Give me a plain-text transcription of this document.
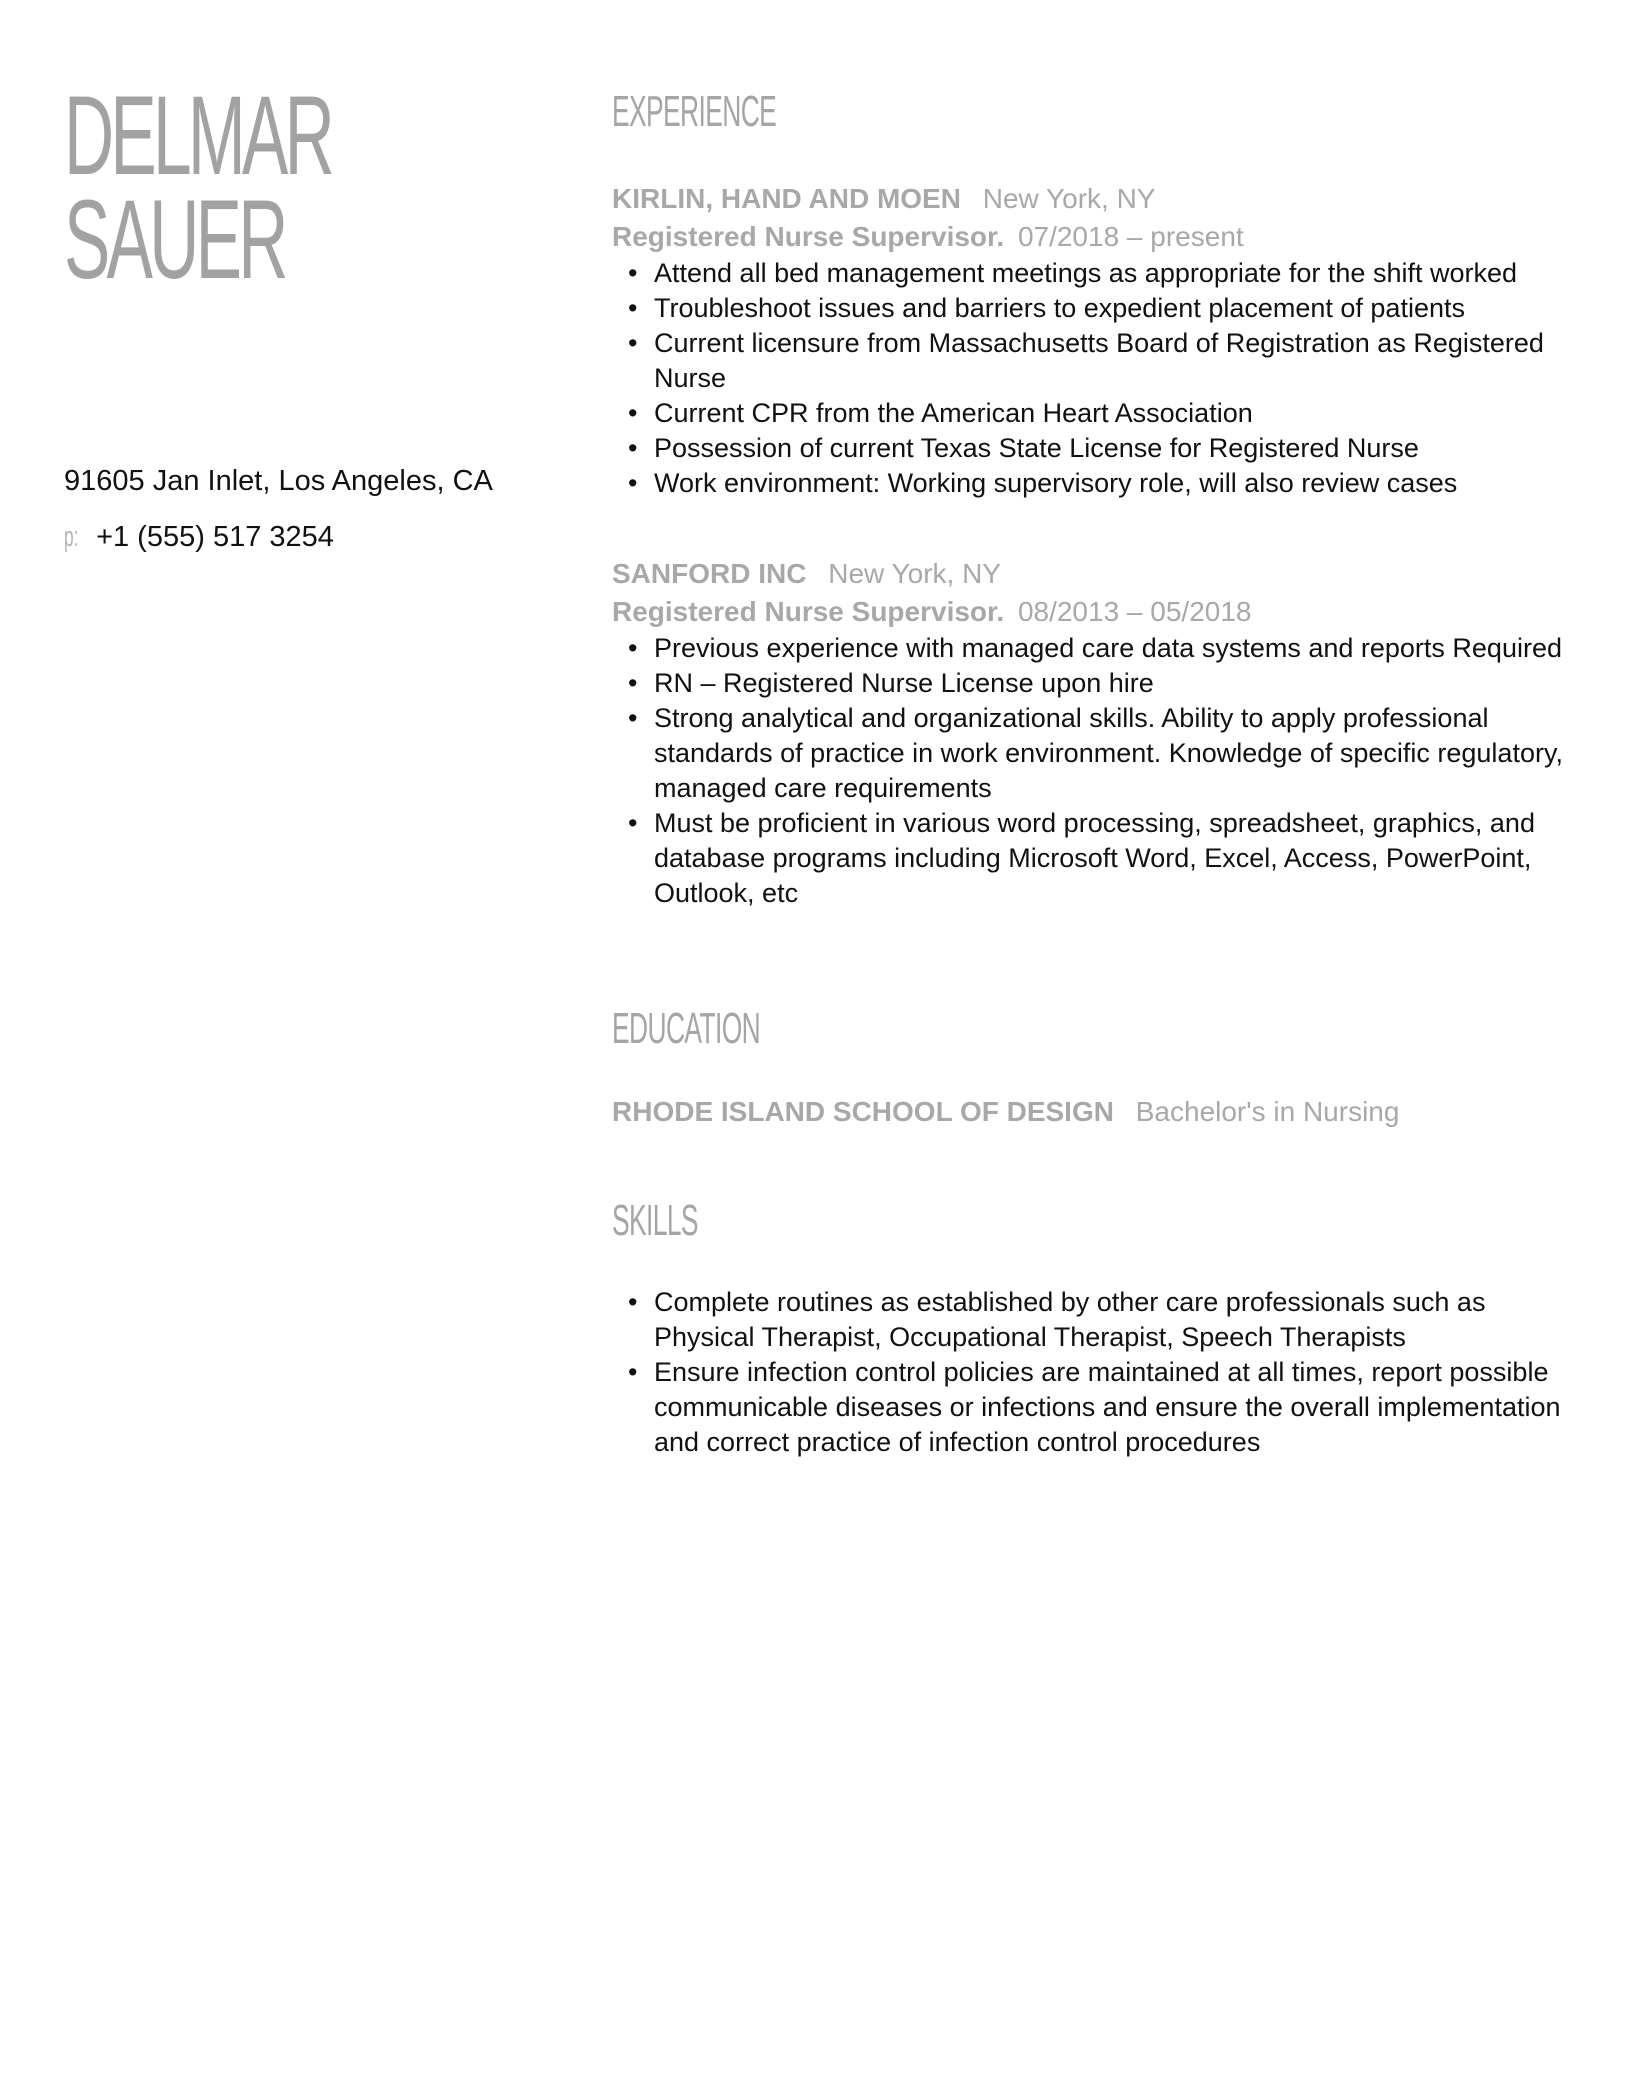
DELMAR
SAUER
91605 Jan Inlet, Los Angeles, CA
p: +1 (555) 517 3254
EXPERIENCE
KIRLIN, HAND AND MOEN New York, NY
Registered Nurse Supervisor. 07/2018 – present
• Attend all bed management meetings as appropriate for the shift worked
• Troubleshoot issues and barriers to expedient placement of patients
• Current licensure from Massachusetts Board of Registration as Registered Nurse
• Current CPR from the American Heart Association
• Possession of current Texas State License for Registered Nurse
• Work environment: Working supervisory role, will also review cases
SANFORD INC New York, NY
Registered Nurse Supervisor. 08/2013 – 05/2018
• Previous experience with managed care data systems and reports Required
• RN – Registered Nurse License upon hire
• Strong analytical and organizational skills. Ability to apply professional standards of practice in work environment. Knowledge of specific regulatory, managed care requirements
• Must be proficient in various word processing, spreadsheet, graphics, and database programs including Microsoft Word, Excel, Access, PowerPoint, Outlook, etc
EDUCATION
RHODE ISLAND SCHOOL OF DESIGN Bachelor's in Nursing
SKILLS
• Complete routines as established by other care professionals such as Physical Therapist, Occupational Therapist, Speech Therapists
• Ensure infection control policies are maintained at all times, report possible communicable diseases or infections and ensure the overall implementation and correct practice of infection control procedures
